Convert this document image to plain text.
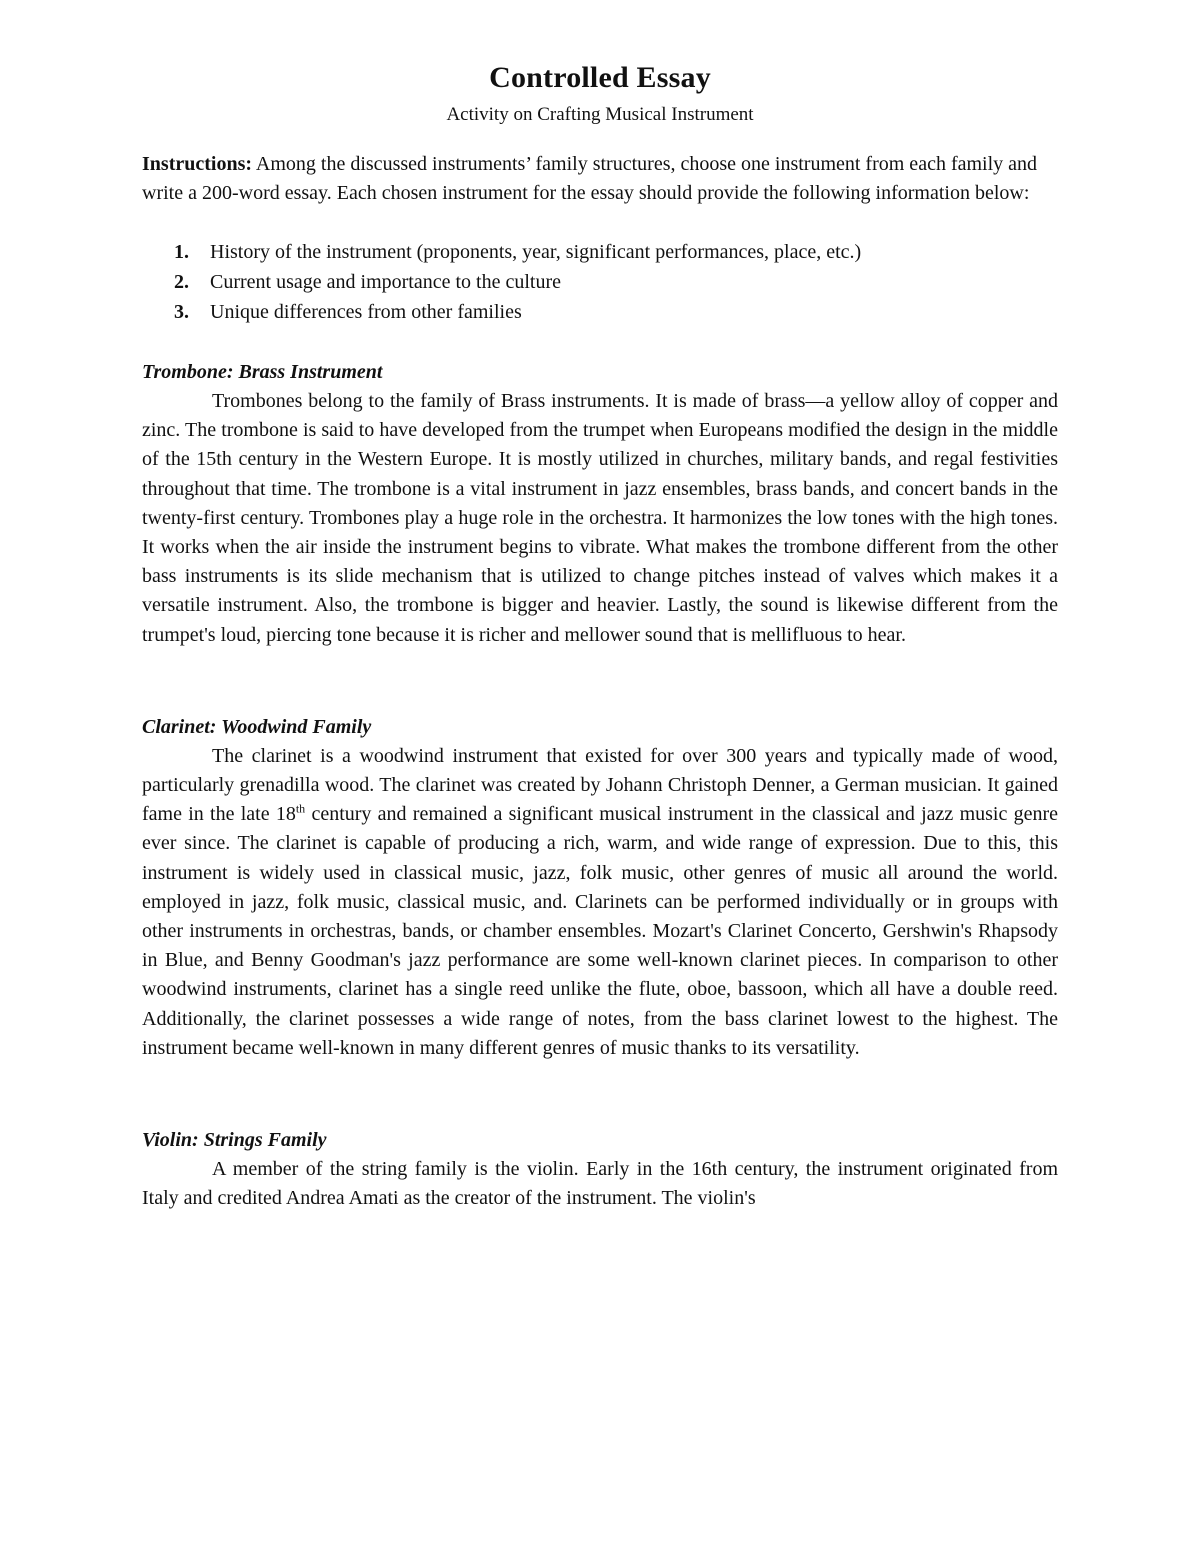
Controlled Essay
Activity on Crafting Musical Instrument

Instructions: Among the discussed instruments’ family structures, choose one instrument from each family and write a 200-word essay. Each chosen instrument for the essay should provide the following information below:

1. History of the instrument (proponents, year, significant performances, place, etc.)
2. Current usage and importance to the culture
3. Unique differences from other families

Trombone: Brass Instrument

Trombones belong to the family of Brass instruments. It is made of brass—a yellow alloy of copper and zinc. The trombone is said to have developed from the trumpet when Europeans modified the design in the middle of the 15th century in the Western Europe. It is mostly utilized in churches, military bands, and regal festivities throughout that time. The trombone is a vital instrument in jazz ensembles, brass bands, and concert bands in the twenty-first century. Trombones play a huge role in the orchestra. It harmonizes the low tones with the high tones. It works when the air inside the instrument begins to vibrate. What makes the trombone different from the other bass instruments is its slide mechanism that is utilized to change pitches instead of valves which makes it a versatile instrument. Also, the trombone is bigger and heavier. Lastly, the sound is likewise different from the trumpet's loud, piercing tone because it is richer and mellower sound that is mellifluous to hear.

Clarinet: Woodwind Family

The clarinet is a woodwind instrument that existed for over 300 years and typically made of wood, particularly grenadilla wood. The clarinet was created by Johann Christoph Denner, a German musician. It gained fame in the late 18th century and remained a significant musical instrument in the classical and jazz music genre ever since. The clarinet is capable of producing a rich, warm, and wide range of expression. Due to this, this instrument is widely used in classical music, jazz, folk music, other genres of music all around the world. employed in jazz, folk music, classical music, and. Clarinets can be performed individually or in groups with other instruments in orchestras, bands, or chamber ensembles. Mozart's Clarinet Concerto, Gershwin's Rhapsody in Blue, and Benny Goodman's jazz performance are some well-known clarinet pieces. In comparison to other woodwind instruments, clarinet has a single reed unlike the flute, oboe, bassoon, which all have a double reed. Additionally, the clarinet possesses a wide range of notes, from the bass clarinet lowest to the highest. The instrument became well-known in many different genres of music thanks to its versatility.

Violin: Strings Family

A member of the string family is the violin. Early in the 16th century, the instrument originated from Italy and credited Andrea Amati as the creator of the instrument. The violin's
